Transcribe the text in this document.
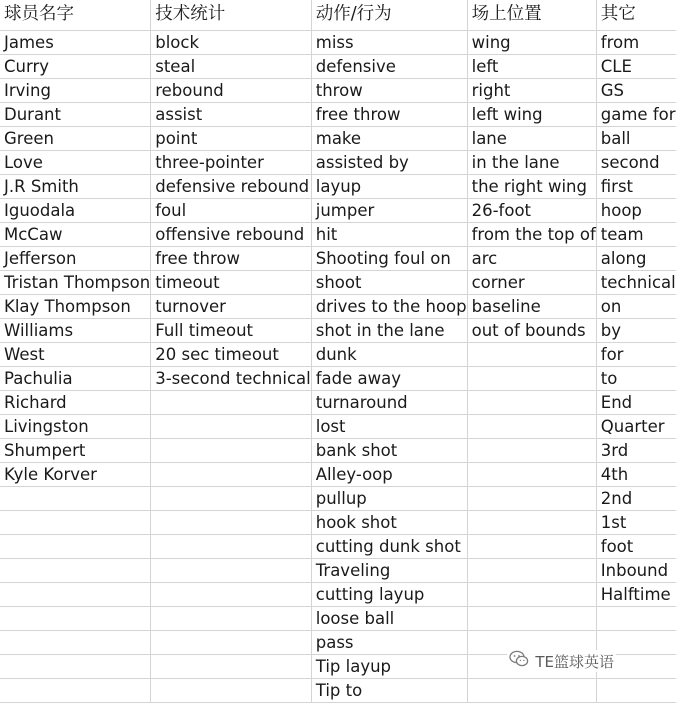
球员名字	技术统计	动作/行为	场上位置	其它
James	block	miss	wing	from
Curry	steal	defensive	left	CLE
Irving	rebound	throw	right	GS
Durant	assist	free throw	left wing	game for
Green	point	make	lane	ball
Love	three-pointer	assisted by	in the lane	second
J.R Smith	defensive rebound	layup	the right wing	first
Iguodala	foul	jumper	26-foot	hoop
McCaw	offensive rebound	hit	from the top of	team
Jefferson	free throw	Shooting foul on	arc	along
Tristan Thompson	timeout	shoot	corner	technical
Klay Thompson	turnover	drives to the hoop	baseline	on
Williams	Full timeout	shot in the lane	out of bounds	by
West	20 sec timeout	dunk		for
Pachulia	3-second technical	fade away		to
Richard		turnaround		End
Livingston		lost		Quarter
Shumpert		bank shot		3rd
Kyle Korver		Alley-oop		4th
		pullup		2nd
		hook shot		1st
		cutting dunk shot		foot
		Traveling		Inbound
		cutting layup		Halftime
		loose ball		
		pass		
		Tip layup		
		Tip to		
TE篮球英语
